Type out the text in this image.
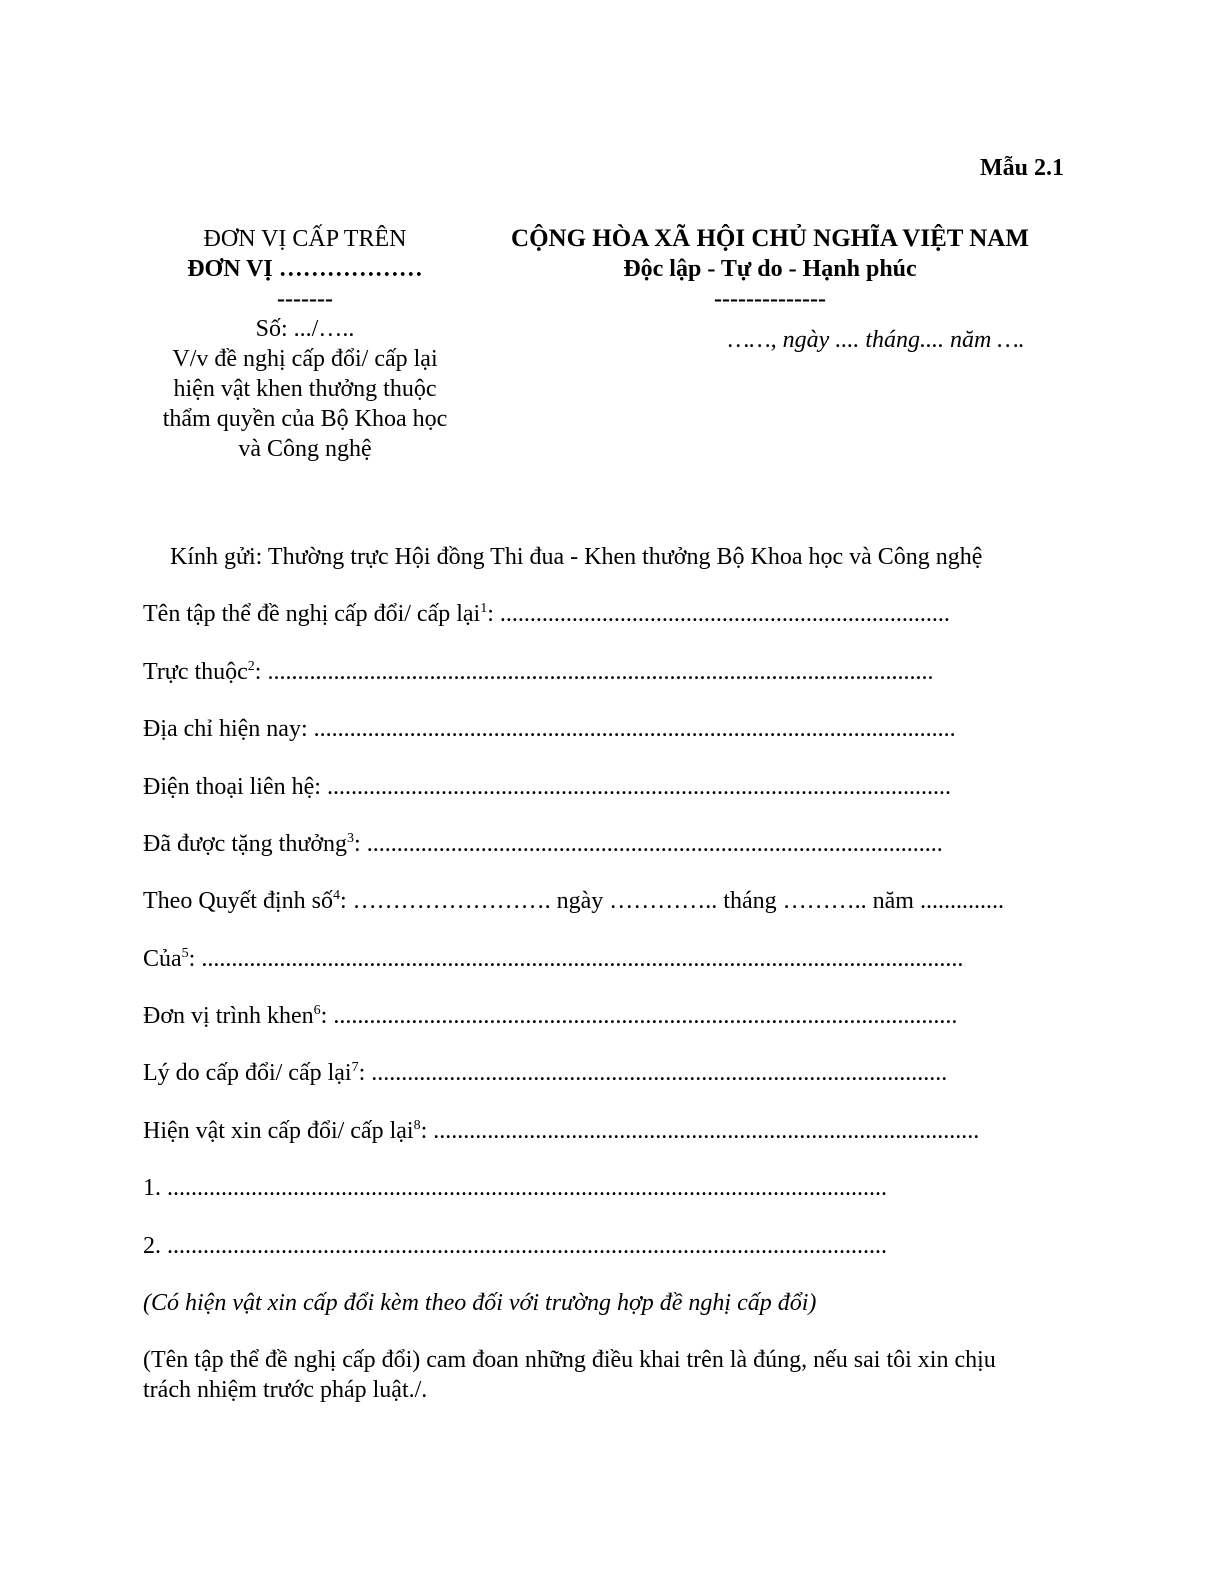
Mẫu 2.1
ĐƠN VỊ CẤP TRÊN
ĐƠN VỊ ………………
-------
Số: .../…..
V/v đề nghị cấp đổi/ cấp lại
hiện vật khen thưởng thuộc
thẩm quyền của Bộ Khoa học
và Công nghệ
CỘNG HÒA XÃ HỘI CHỦ NGHĨA VIỆT NAM
Độc lập - Tự do - Hạnh phúc
--------------
……, ngày .... tháng.... năm ….
Kính gửi: Thường trực Hội đồng Thi đua - Khen thưởng Bộ Khoa học và Công nghệ
Tên tập thể đề nghị cấp đổi/ cấp lại$^1$: ...........................................................................
Trực thuộc$^2$: ...............................................................................................................
Địa chỉ hiện nay: ...........................................................................................................
Điện thoại liên hệ: ........................................................................................................
Đã được tặng thưởng$^3$: ................................................................................................
Theo Quyết định số$^4$: ……………………. ngày ………….. tháng ……….. năm ..............
Của$^5$: ...............................................................................................................................
Đơn vị trình khen$^6$: ........................................................................................................
Lý do cấp đổi/ cấp lại$^7$: ................................................................................................
Hiện vật xin cấp đổi/ cấp lại$^8$: ...........................................................................................
1. ........................................................................................................................
2. ........................................................................................................................
(Có hiện vật xin cấp đổi kèm theo đối với trường hợp đề nghị cấp đổi)
(Tên tập thể đề nghị cấp đổi) cam đoan những điều khai trên là đúng, nếu sai tôi xin chịu
trách nhiệm trước pháp luật./.
